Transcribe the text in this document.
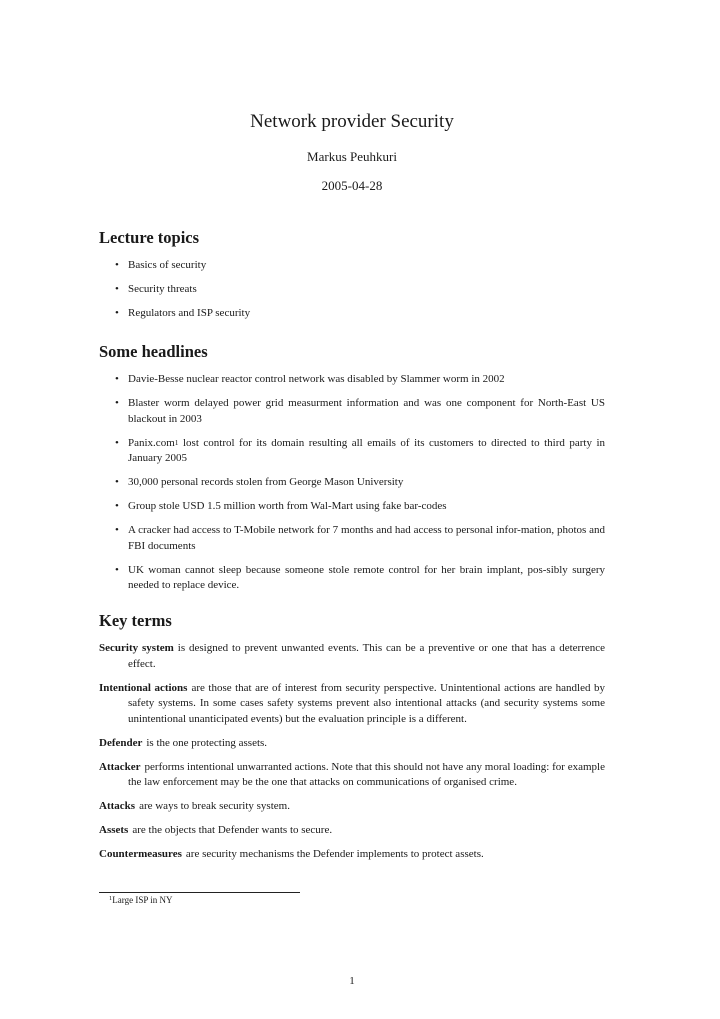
Network provider Security
Markus Peuhkuri
2005-04-28
Lecture topics
• Basics of security
• Security threats
• Regulators and ISP security
Some headlines
• Davie-Besse nuclear reactor control network was disabled by Slammer worm in 2002
• Blaster worm delayed power grid measurment information and was one component for North-East US blackout in 2003
• Panix.com$^1$ lost control for its domain resulting all emails of its customers to directed to third party in January 2005
• 30,000 personal records stolen from George Mason University
• Group stole USD 1.5 million worth from Wal-Mart using fake bar-codes
• A cracker had access to T-Mobile network for 7 months and had access to personal infor-mation, photos and FBI documents
• UK woman cannot sleep because someone stole remote control for her brain implant, pos-sibly surgery needed to replace device.
Key terms
Security system is designed to prevent unwanted events. This can be a preventive or one that has a deterrence effect.
Intentional actions are those that are of interest from security perspective. Unintentional actions are handled by safety systems. In some cases safety systems prevent also intentional attacks (and security systems some unintentional unanticipated events) but the evaluation principle is a different.
Defender is the one protecting assets.
Attacker performs intentional unwarranted actions. Note that this should not have any moral loading: for example the law enforcement may be the one that attacks on communications of organised crime.
Attacks are ways to break security system.
Assets are the objects that Defender wants to secure.
Countermeasures are security mechanisms the Defender implements to protect assets.
$^1$Large ISP in NY
1
